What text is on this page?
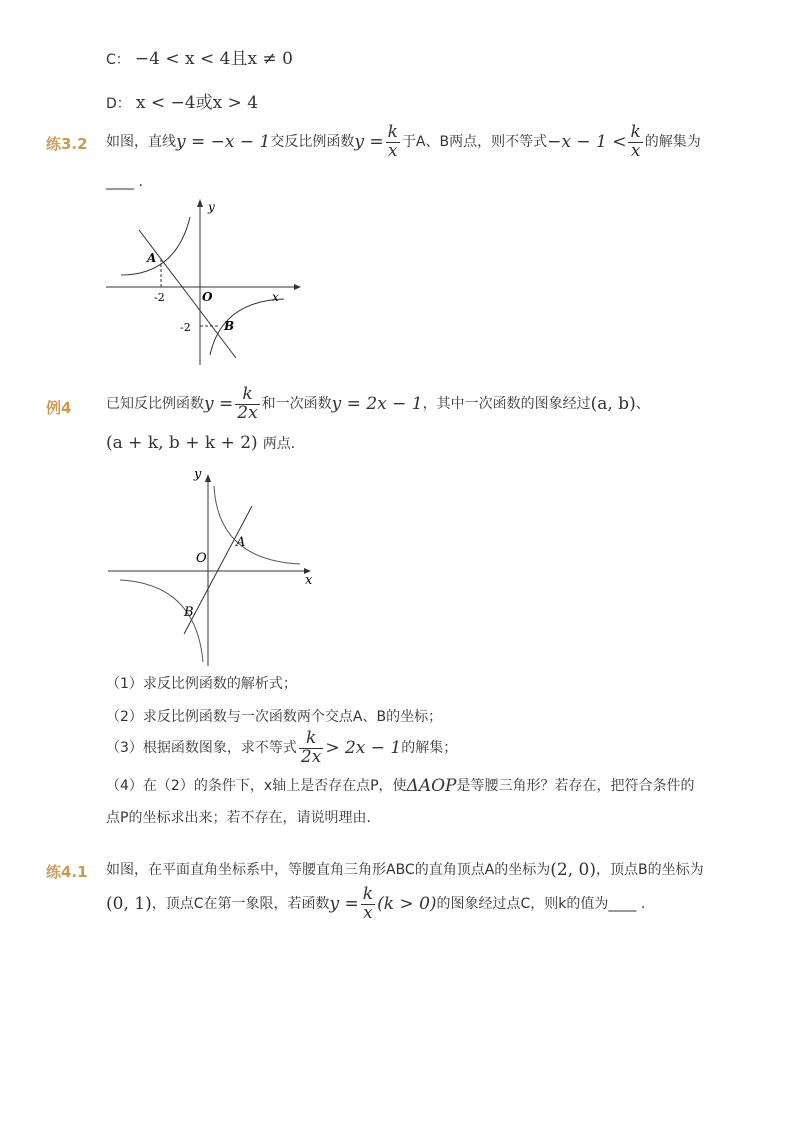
C： −4 < x < 4且x ≠ 0
D： x < −4或x > 4
练3.2 如图，直线 y = −x − 1 交反比例函数 $y = \frac{k}{x}$ 于A、B两点 ，则不等式 $-x - 1 < \frac{k}{x}$ 的解集为
____ .
y
x
O
A
B
-2
-2
例4 已知反比例函数 $y = \frac{k}{2x}$ 和一次函数 y = 2x − 1 ，其中一次函数的图象经过 (a, b) 、
(a + k, b + k + 2) 两点．
y
x
O
A
B
（1）求反比例函数的解析式；
（2）求反比例函数与一次函数两个交点A、B的坐标；
（3）根据函数图象，求不等式 $\frac{k}{2x} > 2x - 1$ 的解集；
（4）在（2）的条件下，x轴上是否存在点P，使 ΔAOP 是等腰三角形？若存在，把符合条件的
点P的坐标求出来；若不存在，请说明理由．
练4.1 如图，在平面直角坐标系中，等腰直角三角形ABC的直角顶点A的坐标为 (2, 0) ，顶点B的坐标为
(0, 1) ，顶点C在第一象限，若函数 $y = \frac{k}{x} (k > 0)$ 的图象经过点C，则k的值为____ .
